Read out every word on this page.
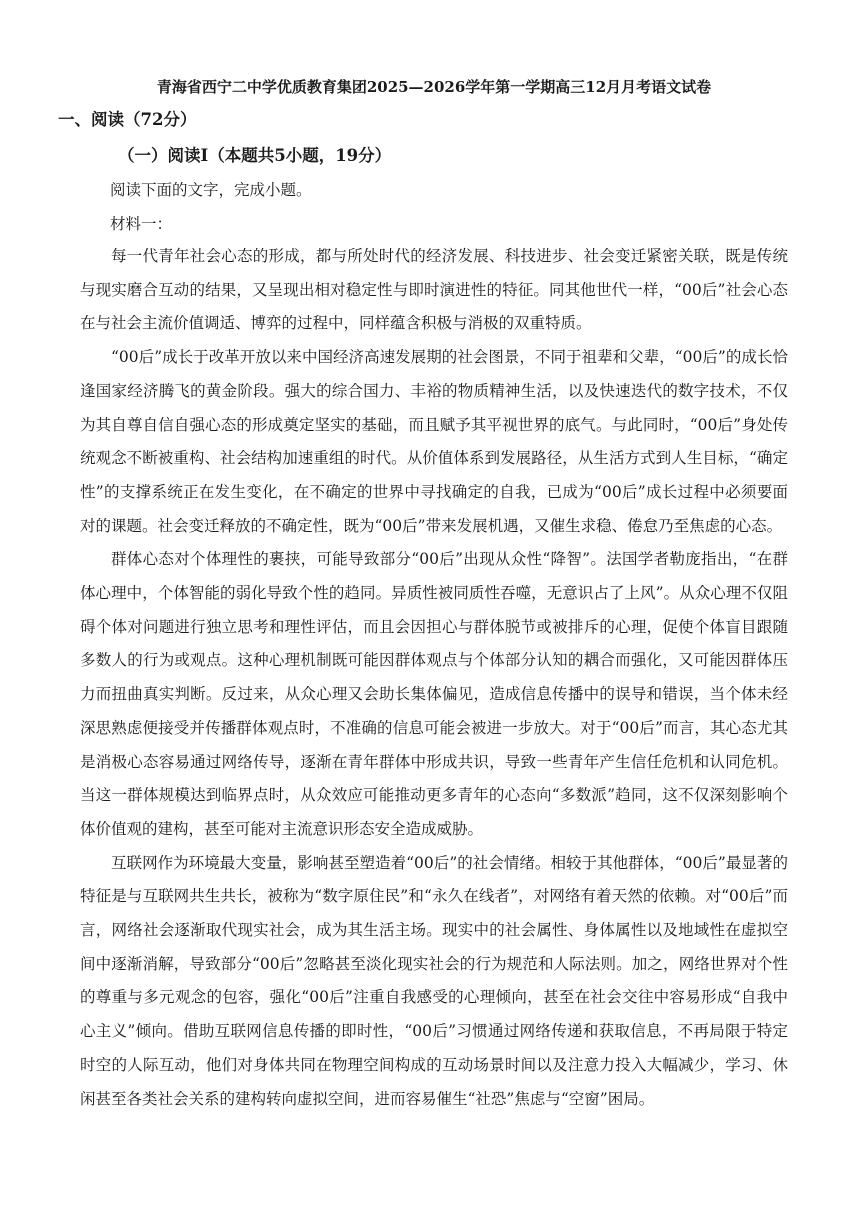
青海省西宁二中学优质教育集团2025—2026学年第一学期高三12月月考语文试卷
一、阅读（72分）
（一）阅读Ⅰ（本题共5小题，19分）
阅读下面的文字，完成小题。
材料一：

每一代青年社会心态的形成，都与所处时代的经济发展、科技进步、社会变迁紧密关联，既是传统与现实磨合互动的结果，又呈现出相对稳定性与即时演进性的特征。同其他世代一样，“00后”社会心态在与社会主流价值调适、博弈的过程中，同样蕴含积极与消极的双重特质。

“00后”成长于改革开放以来中国经济高速发展期的社会图景，不同于祖辈和父辈，“00后”的成长恰逢国家经济腾飞的黄金阶段。强大的综合国力、丰裕的物质精神生活，以及快速迭代的数字技术，不仅为其自尊自信自强心态的形成奠定坚实的基础，而且赋予其平视世界的底气。与此同时，“00后”身处传统观念不断被重构、社会结构加速重组的时代。从价值体系到发展路径，从生活方式到人生目标，“确定性”的支撑系统正在发生变化，在不确定的世界中寻找确定的自我，已成为“00后”成长过程中必须要面对的课题。社会变迁释放的不确定性，既为“00后”带来发展机遇，又催生求稳、倦怠乃至焦虑的心态。

群体心态对个体理性的裹挟，可能导致部分“00后”出现从众性“降智”。法国学者勒庞指出，“在群体心理中，个体智能的弱化导致个性的趋同。异质性被同质性吞噬，无意识占了上风”。从众心理不仅阻碍个体对问题进行独立思考和理性评估，而且会因担心与群体脱节或被排斥的心理，促使个体盲目跟随多数人的行为或观点。这种心理机制既可能因群体观点与个体部分认知的耦合而强化，又可能因群体压力而扭曲真实判断。反过来，从众心理又会助长集体偏见，造成信息传播中的误导和错误，当个体未经深思熟虑便接受并传播群体观点时，不准确的信息可能会被进一步放大。对于“00后”而言，其心态尤其是消极心态容易通过网络传导，逐渐在青年群体中形成共识，导致一些青年产生信任危机和认同危机。当这一群体规模达到临界点时，从众效应可能推动更多青年的心态向“多数派”趋同，这不仅深刻影响个体价值观的建构，甚至可能对主流意识形态安全造成威胁。

互联网作为环境最大变量，影响甚至塑造着“00后”的社会情绪。相较于其他群体，“00后”最显著的特征是与互联网共生共长，被称为“数字原住民”和“永久在线者”，对网络有着天然的依赖。对“00后”而言，网络社会逐渐取代现实社会，成为其生活主场。现实中的社会属性、身体属性以及地域性在虚拟空间中逐渐消解，导致部分“00后”忽略甚至淡化现实社会的行为规范和人际法则。加之，网络世界对个性的尊重与多元观念的包容，强化“00后”注重自我感受的心理倾向，甚至在社会交往中容易形成“自我中心主义”倾向。借助互联网信息传播的即时性，“00后”习惯通过网络传递和获取信息，不再局限于特定时空的人际互动，他们对身体共同在物理空间构成的互动场景时间以及注意力投入大幅减少，学习、休闲甚至各类社会关系的建构转向虚拟空间，进而容易催生“社恐”焦虑与“空窗”困局。
